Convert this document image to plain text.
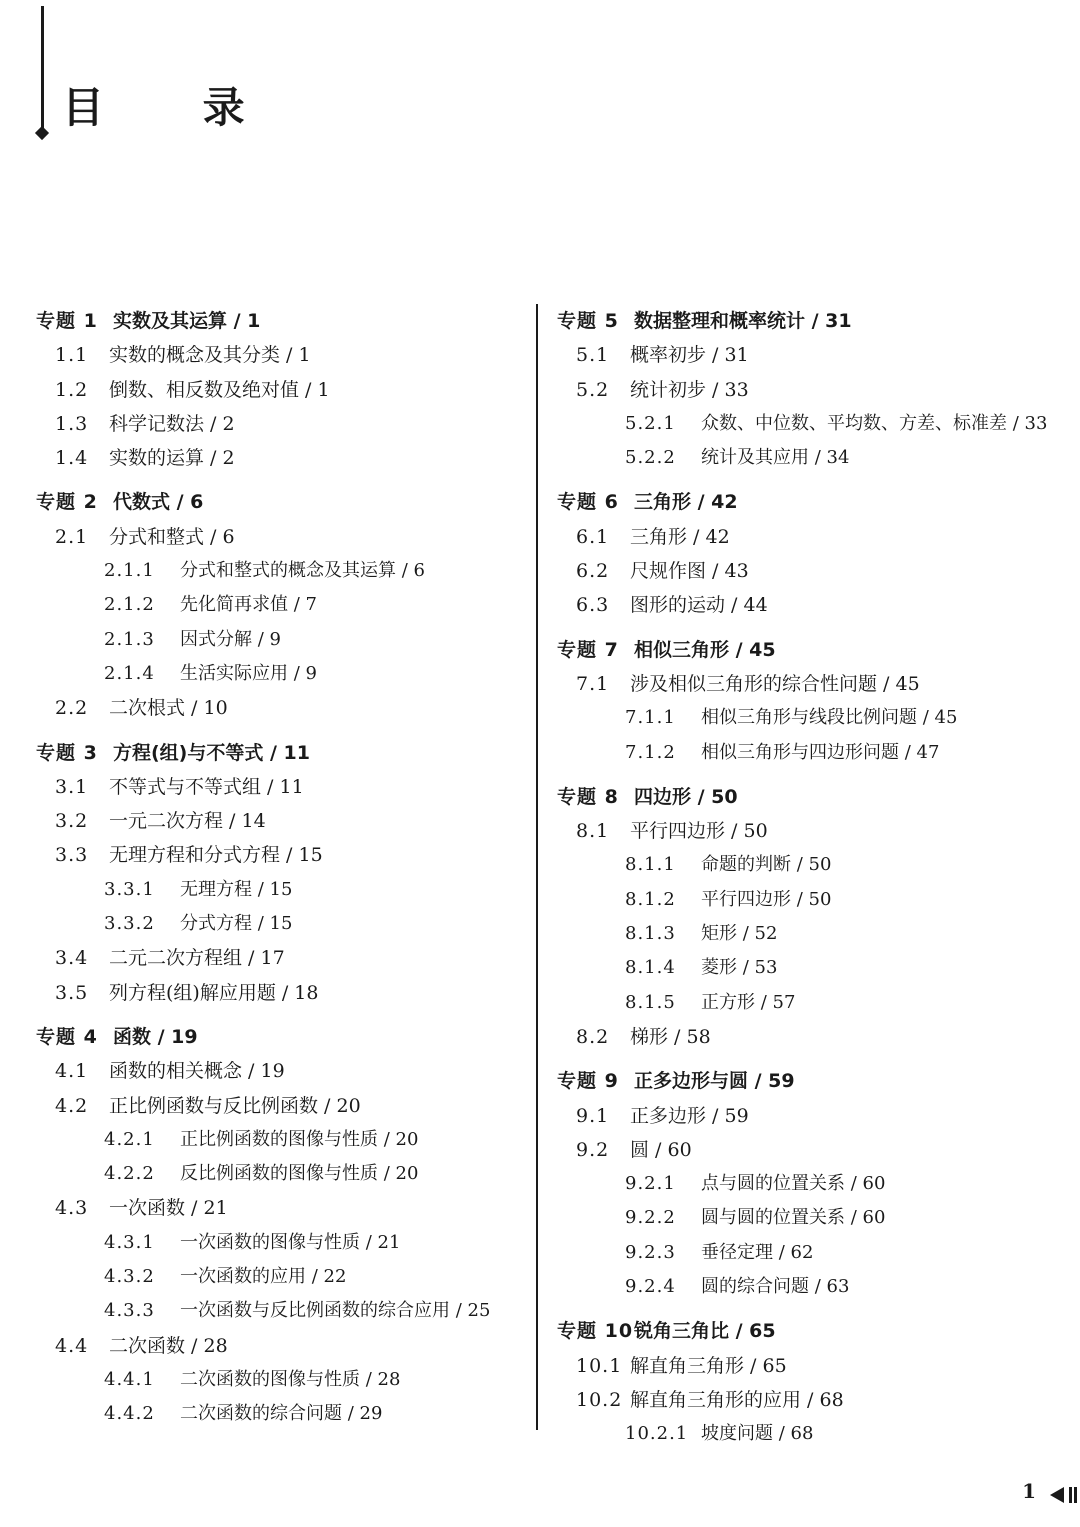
目 录
专题 1 实数及其运算 / 1
1.1 实数的概念及其分类 / 1
1.2 倒数、相反数及绝对值 / 1
1.3 科学记数法 / 2
1.4 实数的运算 / 2
专题 2 代数式 / 6
2.1 分式和整式 / 6
2.1.1 分式和整式的概念及其运算 / 6
2.1.2 先化简再求值 / 7
2.1.3 因式分解 / 9
2.1.4 生活实际应用 / 9
2.2 二次根式 / 10
专题 3 方程(组)与不等式 / 11
3.1 不等式与不等式组 / 11
3.2 一元二次方程 / 14
3.3 无理方程和分式方程 / 15
3.3.1 无理方程 / 15
3.3.2 分式方程 / 15
3.4 二元二次方程组 / 17
3.5 列方程(组)解应用题 / 18
专题 4 函数 / 19
4.1 函数的相关概念 / 19
4.2 正比例函数与反比例函数 / 20
4.2.1 正比例函数的图像与性质 / 20
4.2.2 反比例函数的图像与性质 / 20
4.3 一次函数 / 21
4.3.1 一次函数的图像与性质 / 21
4.3.2 一次函数的应用 / 22
4.3.3 一次函数与反比例函数的综合应用 / 25
4.4 二次函数 / 28
4.4.1 二次函数的图像与性质 / 28
4.4.2 二次函数的综合问题 / 29
专题 5 数据整理和概率统计 / 31
5.1 概率初步 / 31
5.2 统计初步 / 33
5.2.1 众数、中位数、平均数、方差、标准差 / 33
5.2.2 统计及其应用 / 34
专题 6 三角形 / 42
6.1 三角形 / 42
6.2 尺规作图 / 43
6.3 图形的运动 / 44
专题 7 相似三角形 / 45
7.1 涉及相似三角形的综合性问题 / 45
7.1.1 相似三角形与线段比例问题 / 45
7.1.2 相似三角形与四边形问题 / 47
专题 8 四边形 / 50
8.1 平行四边形 / 50
8.1.1 命题的判断 / 50
8.1.2 平行四边形 / 50
8.1.3 矩形 / 52
8.1.4 菱形 / 53
8.1.5 正方形 / 57
8.2 梯形 / 58
专题 9 正多边形与圆 / 59
9.1 正多边形 / 59
9.2 圆 / 60
9.2.1 点与圆的位置关系 / 60
9.2.2 圆与圆的位置关系 / 60
9.2.3 垂径定理 / 62
9.2.4 圆的综合问题 / 63
专题 10锐角三角比 / 65
10.1 解直角三角形 / 65
10.2 解直角三角形的应用 / 68
10.2.1 坡度问题 / 68
1
